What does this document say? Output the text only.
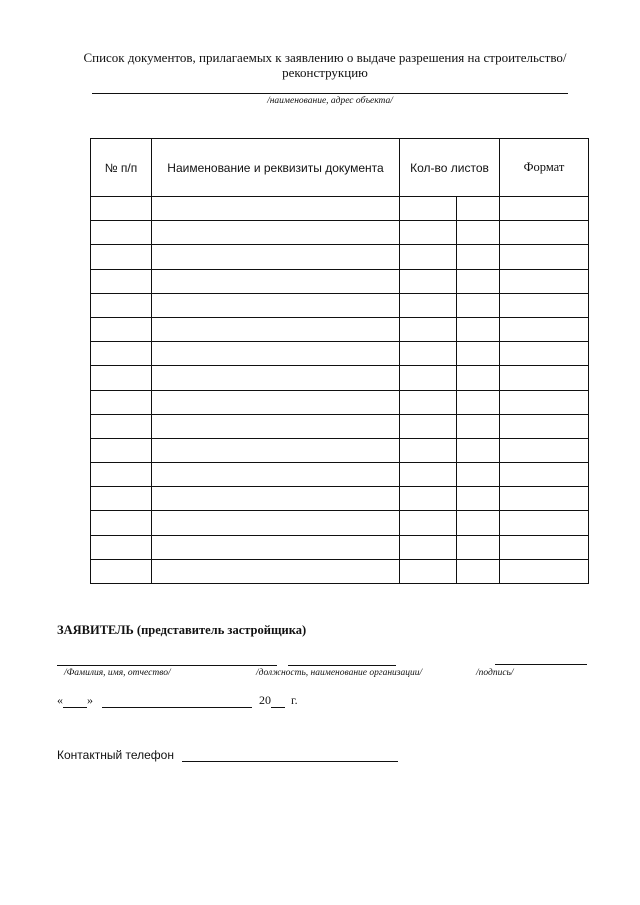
Список документов, прилагаемых к заявлению о выдаче разрешения на строительство/ реконструкцию
/наименование, адрес объекта/
№ п/п	Наименование и реквизиты документа	Кол-во листов		Формат

ЗАЯВИТЕЛЬ (представитель застройщика)
/Фамилия, имя, отчество/	/должность, наименование организации/	/подпись/
« »	20 г.
Контактный телефон
